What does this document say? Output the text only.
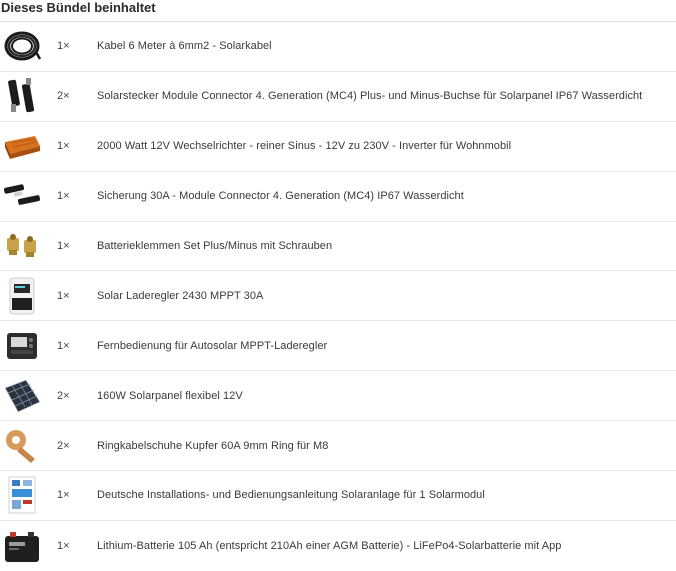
Dieses Bündel beinhaltet
1×	Kabel 6 Meter à 6mm2 - Solarkabel
2×	Solarstecker Module Connector 4. Generation (MC4) Plus- und Minus-Buchse für Solarpanel IP67 Wasserdicht
1×	2000 Watt 12V Wechselrichter - reiner Sinus - 12V zu 230V - Inverter für Wohnmobil
1×	Sicherung 30A - Module Connector 4. Generation (MC4) IP67 Wasserdicht
1×	Batterieklemmen Set Plus/Minus mit Schrauben
1×	Solar Laderegler 2430 MPPT 30A
1×	Fernbedienung für Autosolar MPPT-Laderegler
2×	160W Solarpanel flexibel 12V
2×	Ringkabelschuhe Kupfer 60A 9mm Ring für M8
1×	Deutsche Installations- und Bedienungsanleitung Solaranlage für 1 Solarmodul
1×	Lithium-Batterie 105 Ah (entspricht 210Ah einer AGM Batterie) - LiFePo4-Solarbatterie mit App
